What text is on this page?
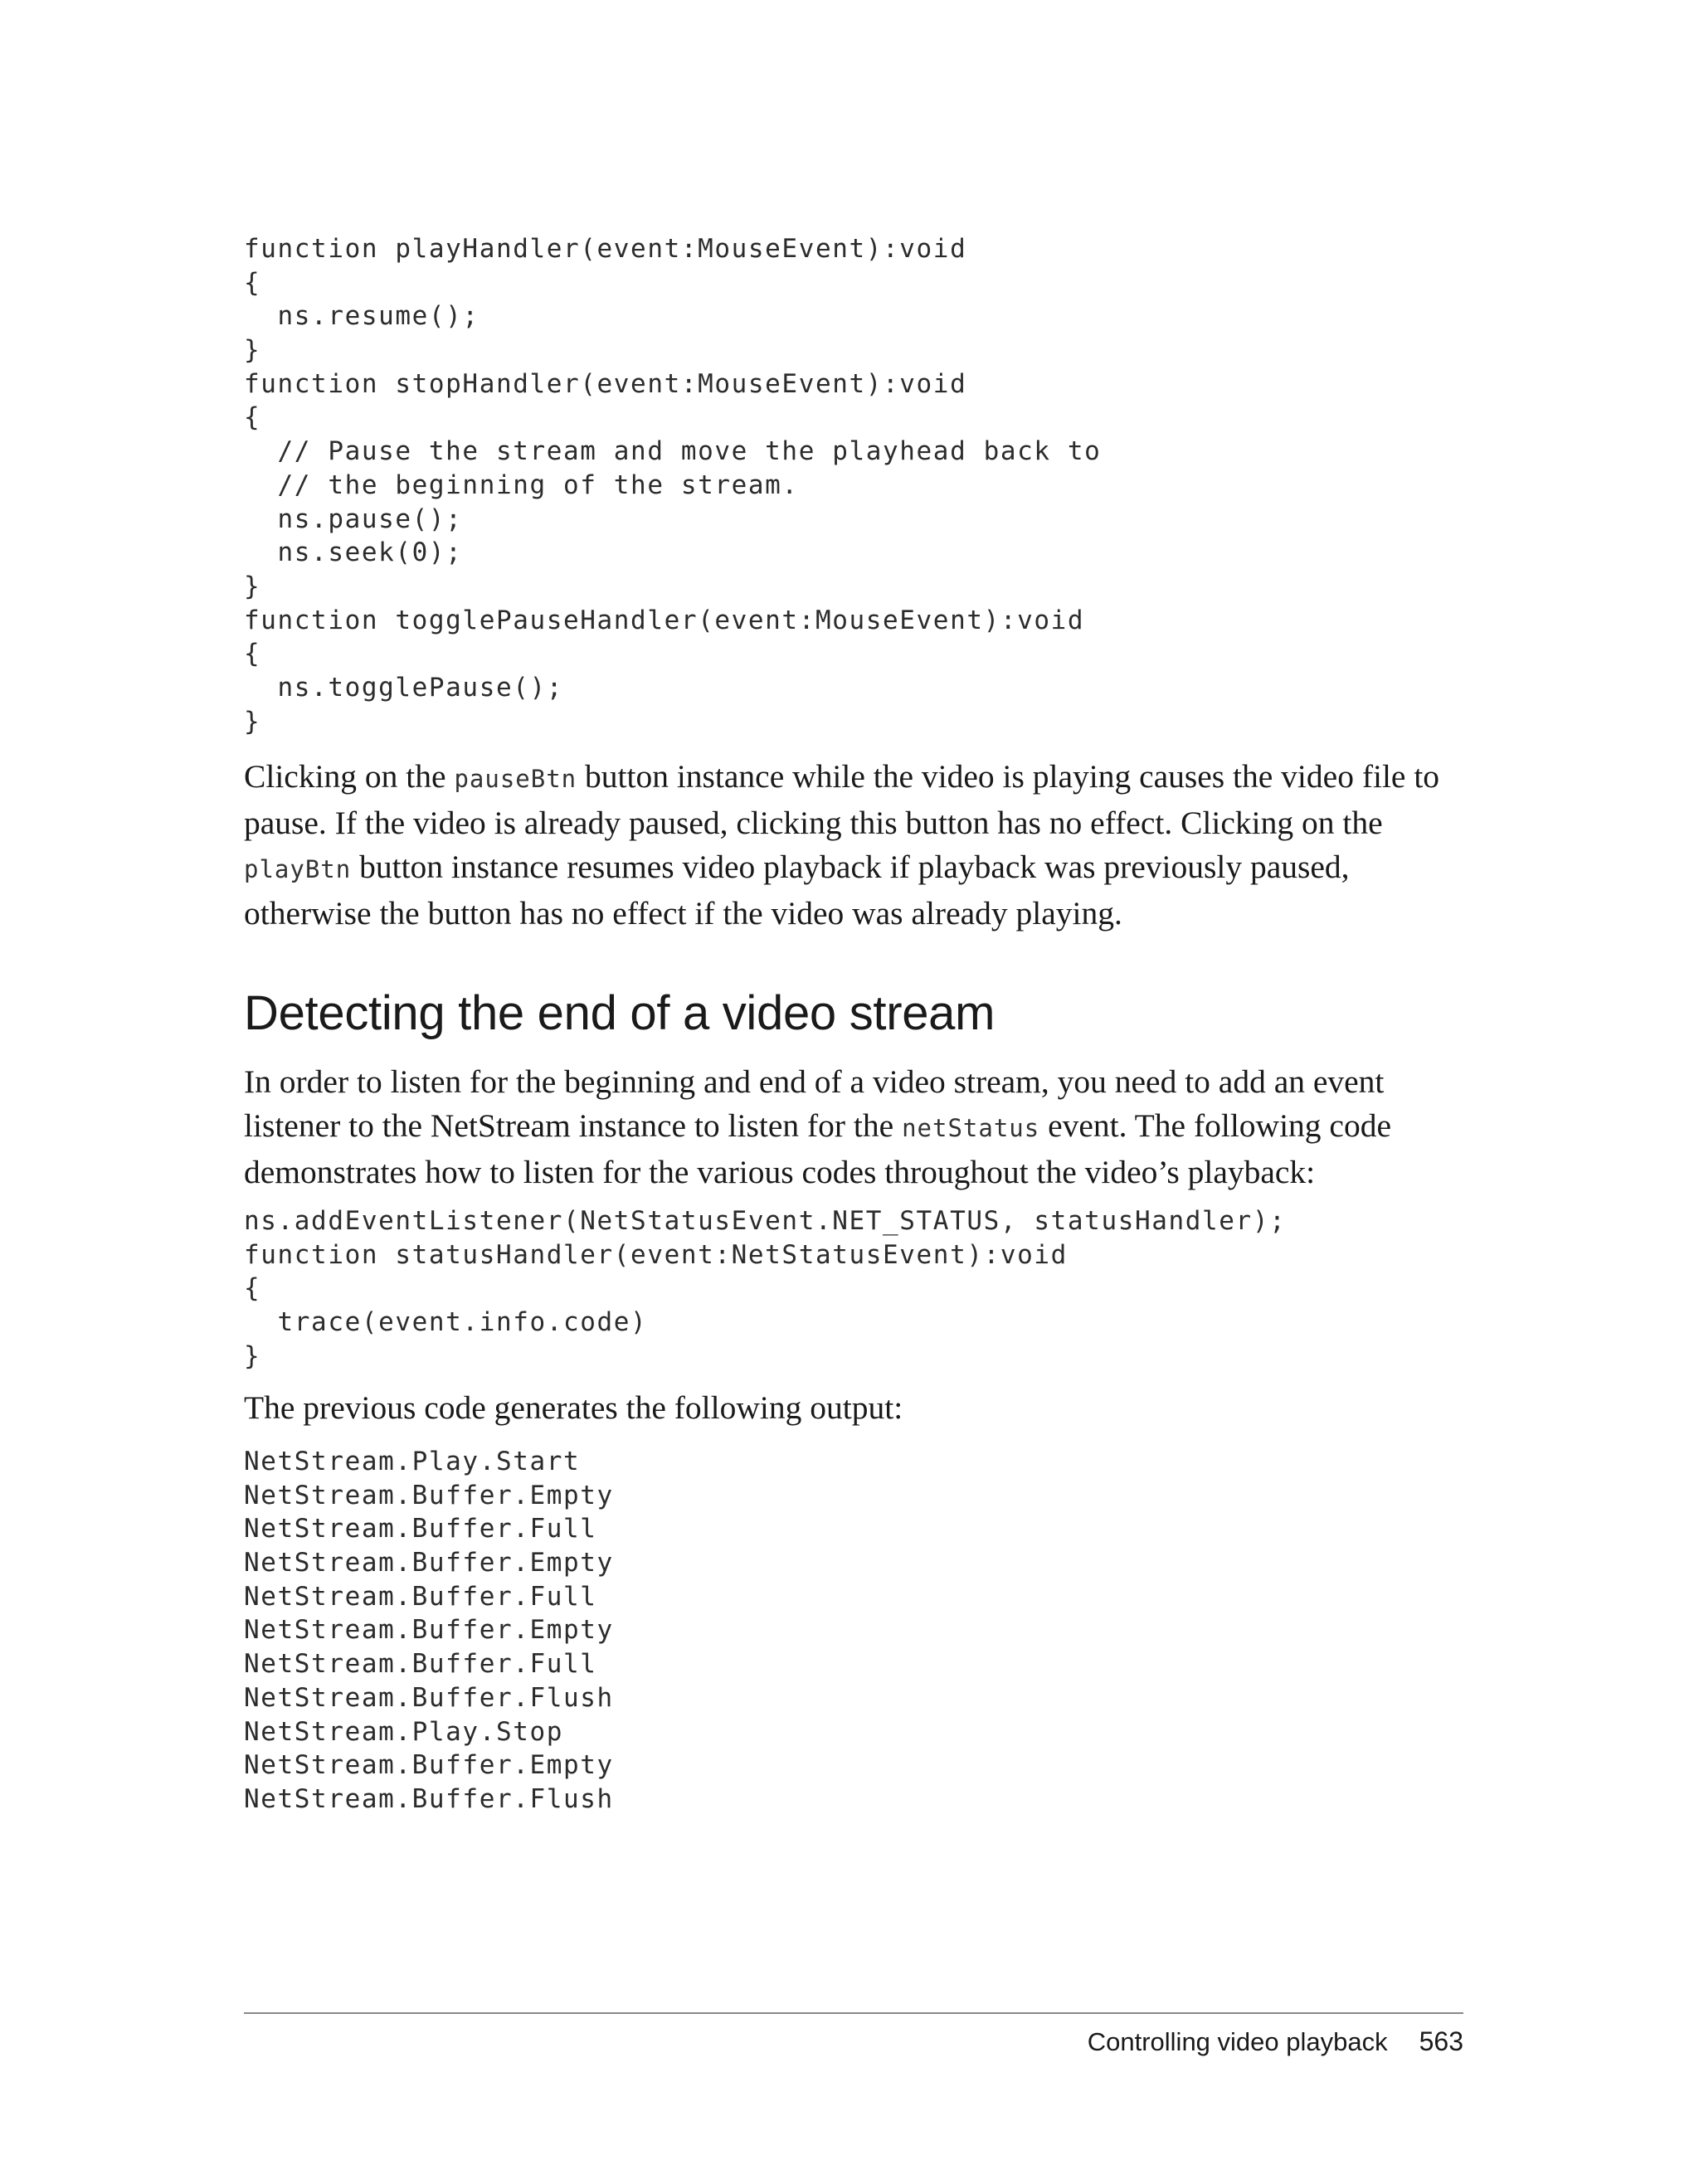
function playHandler(event:MouseEvent):void
{
ns.resume();
}
function stopHandler(event:MouseEvent):void
{
// Pause the stream and move the playhead back to
// the beginning of the stream.
ns.pause();
ns.seek(0);
}
function togglePauseHandler(event:MouseEvent):void
{
ns.togglePause();
}

Clicking on the pauseBtn button instance while the video is playing causes the video file to pause. If the video is already paused, clicking this button has no effect. Clicking on the playBtn button instance resumes video playback if playback was previously paused, otherwise the button has no effect if the video was already playing.

Detecting the end of a video stream

In order to listen for the beginning and end of a video stream, you need to add an event listener to the NetStream instance to listen for the netStatus event. The following code demonstrates how to listen for the various codes throughout the video’s playback:

ns.addEventListener(NetStatusEvent.NET_STATUS, statusHandler);
function statusHandler(event:NetStatusEvent):void
{
trace(event.info.code)
}

The previous code generates the following output:

NetStream.Play.Start
NetStream.Buffer.Empty
NetStream.Buffer.Full
NetStream.Buffer.Empty
NetStream.Buffer.Full
NetStream.Buffer.Empty
NetStream.Buffer.Full
NetStream.Buffer.Flush
NetStream.Play.Stop
NetStream.Buffer.Empty
NetStream.Buffer.Flush
Controlling video playback 563
